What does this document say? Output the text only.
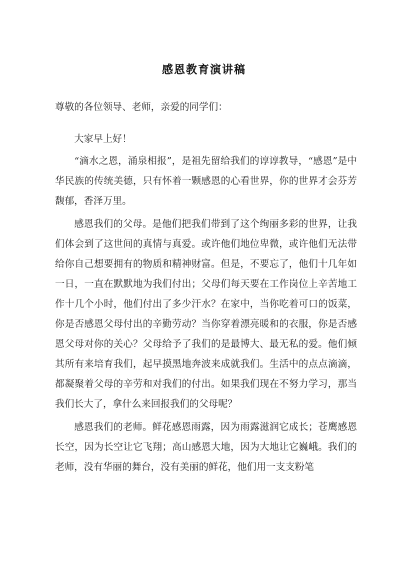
感恩教育演讲稿

尊敬的各位领导、老师，亲爱的同学们：

大家早上好！

“滴水之恩，涌泉相报”，是祖先留给我们的谆谆教导，“感恩”是中华民族的传统美德，只有怀着一颗感恩的心看世界，你的世界才会芬芳馥郁，香泽万里。

感恩我们的父母。是他们把我们带到了这个绚丽多彩的世界，让我们体会到了这世间的真情与真爱。或许他们地位卑微，或许他们无法带给你自己想要拥有的物质和精神财富。但是，不要忘了，他们十几年如一日，一直在默默地为我们付出；父母们每天要在工作岗位上辛苦地工作十几个小时，他们付出了多少汗水？在家中，当你吃着可口的饭菜，你是否感恩父母付出的辛勤劳动？当你穿着漂亮暖和的衣服，你是否感恩父母对你的关心？父母给予了我们的是最博大、最无私的爱。他们倾其所有来培育我们，起早摸黑地奔波来成就我们。生活中的点点滴滴，都凝聚着父母的辛劳和对我们的付出。如果我们现在不努力学习，那当我们长大了，拿什么来回报我们的父母呢？

感恩我们的老师。鲜花感恩雨露，因为雨露滋润它成长；苍鹰感恩长空，因为长空让它飞翔；高山感恩大地，因为大地让它巍峨。我们的老师，没有华丽的舞台，没有美丽的鲜花，他们用一支支粉笔
